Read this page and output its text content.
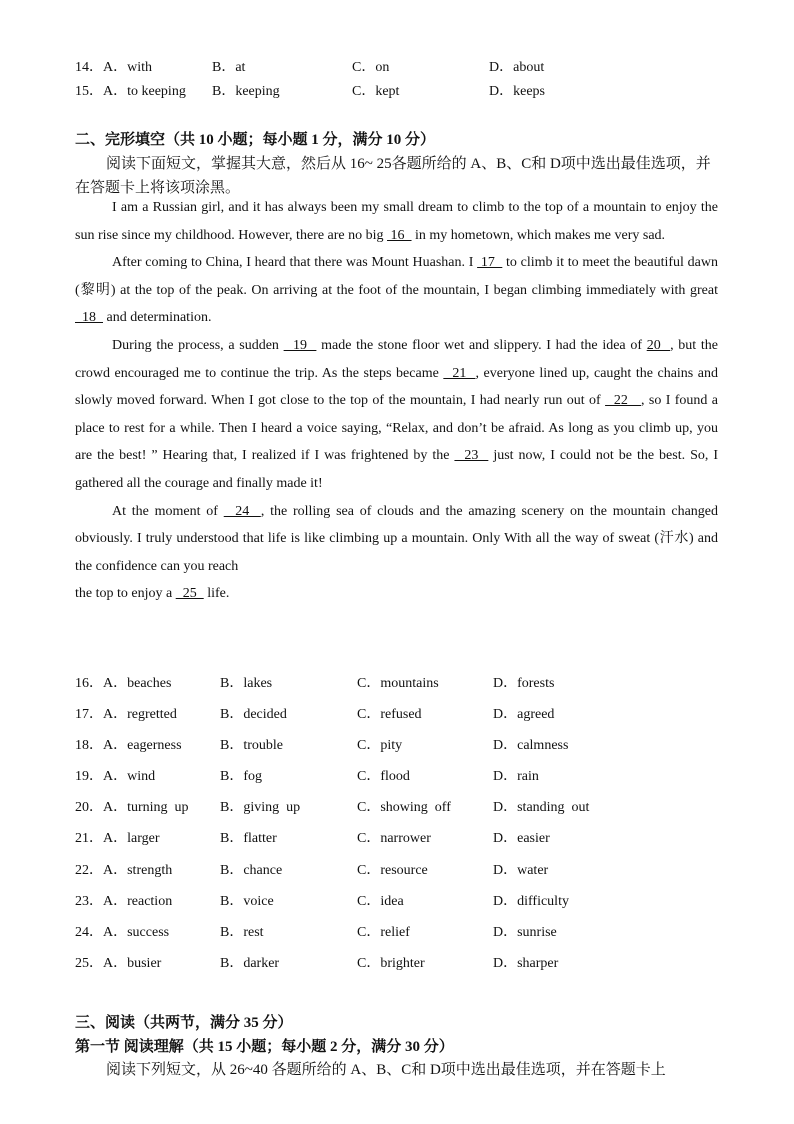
14． A．with	B．at	C．on	D．about
15． A．to keeping B．keeping	C．kept	D．keeps
二、完形填空（共 10 小题；每小题 1 分，满分 10 分）
阅读下面短文，掌握其大意，然后从 16~ 25各题所给的 A、B、C和 D项中选出最佳选项，并在答题卡上将该项涂黑。

I am a Russian girl, and it has always been my small dream to climb to the top of a mountain to enjoy the sun rise since my childhood. However, there are no big  16   in my hometown, which makes me very sad.

After coming to China, I heard that there was Mount Huashan. I  17   to climb it to meet the beautiful dawn (黎明) at the top of the peak. On arriving at the foot of the mountain, I began climbing immediately with great   18   and determination.

During the process, a sudden   19   made the stone floor wet and slippery. I had the idea of 20  , but the crowd encouraged me to continue the trip. As the steps became   21  , everyone lined up, caught the chains and slowly moved forward. When I got close to the top of the mountain, I had nearly run out of   22   , so I found a place to rest for a while. Then I heard a voice saying, “Relax, and don’t be afraid. As long as you climb up, you are the best! ” Hearing that, I realized if I was frightened by the   23   just now, I could not be the best. So, I gathered all the courage and finally made it!

At the moment of   24  , the rolling sea of clouds and the amazing scenery on the mountain changed obviously. I truly understood that life is like climbing up a mountain. Only With all the way of sweat (汗水) and the confidence can you reach

the top to enjoy a   25   life.

16． A．beaches	B．lakes	C．mountains	D．forests
17． A．regretted	B．decided	C．refused	D．agreed
18． A．eagerness	B．trouble	C．pity	D．calmness
19． A．wind	B．fog	C．flood	D．rain
20． A．turning  up B．giving  up	C．showing  off	D．standing  out
21． A．larger	B．flatter	C．narrower	D．easier
22． A．strength	B．chance	C．resource	D．water
23． A．reaction	B．voice	C．idea	D．difficulty
24． A．success	B．rest	C．relief	D．sunrise
25． A．busier	B．darker	C．brighter	D．sharper
三、阅读（共两节，满分 35 分）
第一节 阅读理解（共 15 小题；每小题 2 分，满分 30 分）
阅读下列短文，从 26~40 各题所给的 A、B、C和 D项中选出最佳选项，并在答题卡上
